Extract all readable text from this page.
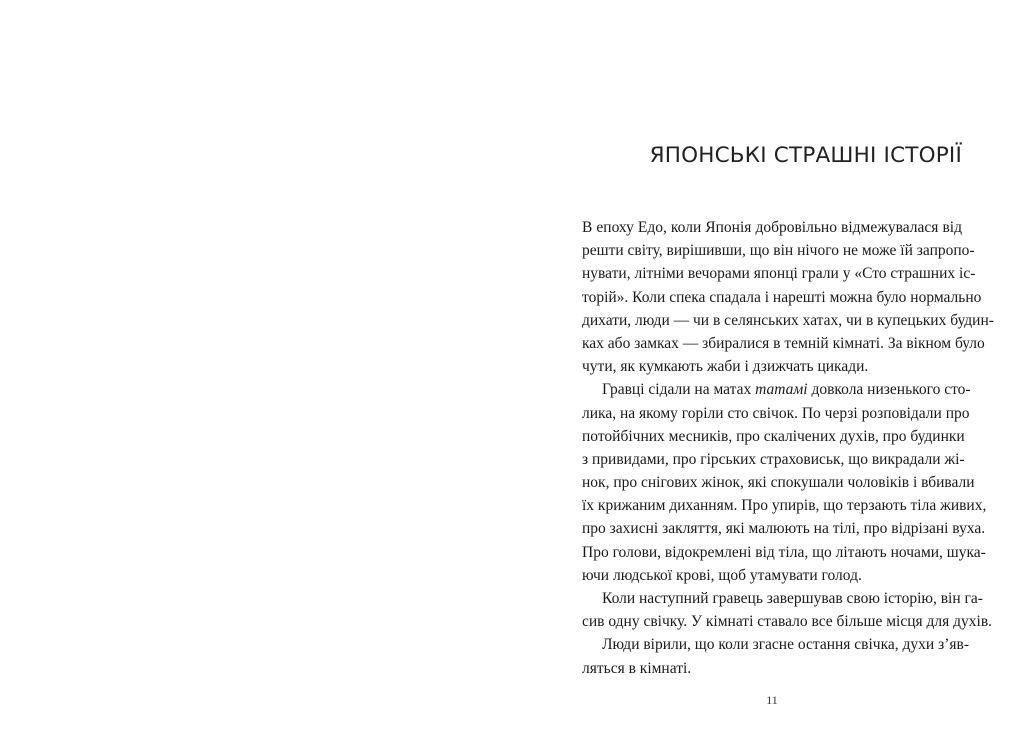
ЯПОНСЬКІ СТРАШНІ ІСТОРІЇ
В епоху Едо, коли Японія добровільно відмежувалася від
решти світу, вирішивши, що він нічого не може їй запропо-
нувати, літніми вечорами японці грали у «Сто страшних іс-
торій». Коли спека спадала і нарешті можна було нормально
дихати, люди — чи в селянських хатах, чи в купецьких будин-
ках або замках — збиралися в темній кімнаті. За вікном було
чути, як кумкають жаби і дзижчать цикади.
Гравці сідали на матах татамі довкола низенького сто-
лика, на якому горіли сто свічок. По черзі розповідали про
потойбічних месників, про скалічених духів, про будинки
з привидами, про гірських страховиськ, що викрадали жі-
нок, про снігових жінок, які спокушали чоловіків і вбивали
їх крижаним диханням. Про упирів, що терзають тіла живих,
про захисні закляття, які малюють на тілі, про відрізані вуха.
Про голови, відокремлені від тіла, що літають ночами, шука-
ючи людської крові, щоб утамувати голод.
Коли наступний гравець завершував свою історію, він га-
сив одну свічку. У кімнаті ставало все більше місця для духів.
Люди вірили, що коли згасне остання свічка, духи з’яв-
ляться в кімнаті.
11
